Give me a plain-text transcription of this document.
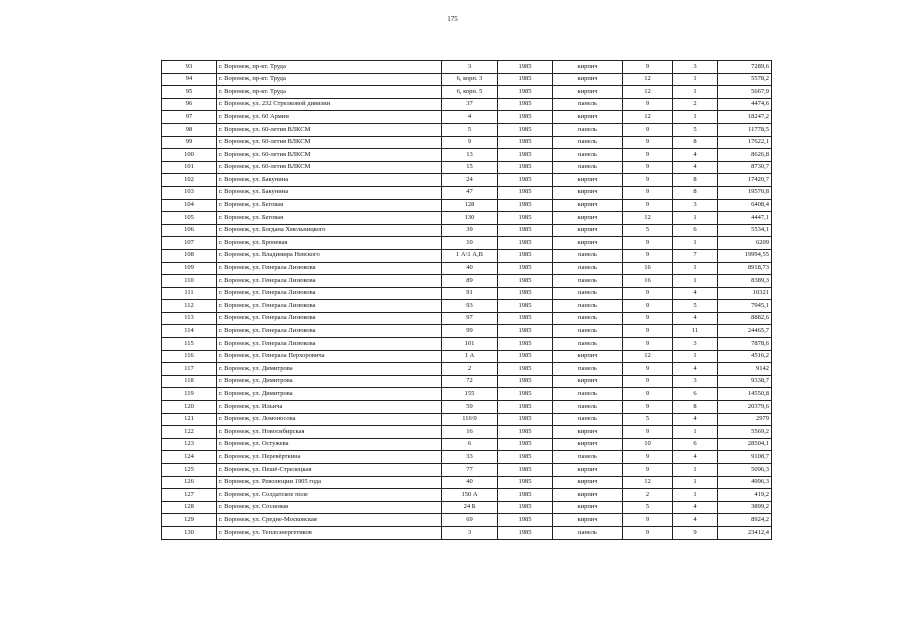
175
93	г. Воронеж, пр-кт. Труда	3	1985	кирпич	9	3	7289,6
94	г. Воронеж, пр-кт. Труда	6, корп. 3	1985	кирпич	12	1	5578,2
95	г. Воронеж, пр-кт. Труда	6, корп. 5	1985	кирпич	12	1	5667,9
96	г. Воронеж, ул. 232 Стрелковой дивизии	37	1985	панель	9	2	4474,6
97	г. Воронеж, ул. 60 Армии	4	1985	кирпич	12	1	18247,2
98	г. Воронеж, ул. 60-летия ВЛКСМ	5	1985	панель	9	5	11778,5
99	г. Воронеж, ул. 60-летия ВЛКСМ	9	1985	панель	9	8	17622,1
100	г. Воронеж, ул. 60-летия ВЛКСМ	13	1985	панель	9	4	8626,8
101	г. Воронеж, ул. 60-летия ВЛКСМ	15	1985	панель	9	4	8730,7
102	г. Воронеж, ул. Бакунина	24	1985	кирпич	9	8	17420,7
103	г. Воронеж, ул. Бакунина	47	1985	кирпич	9	8	19570,8
104	г. Воронеж, ул. Беговая	128	1985	кирпич	9	3	6408,4
105	г. Воронеж, ул. Беговая	130	1985	кирпич	12	1	4447,1
106	г. Воронеж, ул. Богдана Хмельницкого	39	1985	кирпич	5	6	5534,1
107	г. Воронеж, ул. Броневая	10	1985	кирпич	9	1	6209
108	г. Воронеж, ул. Владимира Невского	1 А\1 А,В	1985	панель	9	7	19994,55
109	г. Воронеж, ул. Генерала Лизюкова	40	1985	панель	16	1	8918,73
110	г. Воронеж, ул. Генерала Лизюкова	89	1985	панель	16	1	8389,3
111	г. Воронеж, ул. Генерала Лизюкова	91	1985	панель	9	4	10321
112	г. Воронеж, ул. Генерала Лизюкова	93	1985	панель	9	5	7945,1
113	г. Воронеж, ул. Генерала Лизюкова	97	1985	панель	9	4	8882,6
114	г. Воронеж, ул. Генерала Лизюкова	99	1985	панель	9	11	24465,7
115	г. Воронеж, ул. Генерала Лизюкова	101	1985	панель	9	3	7878,6
116	г. Воронеж, ул. Генерала Перхоровича	1 А	1985	кирпич	12	1	4516,2
117	г. Воронеж, ул. Димитрова	2	1985	панель	9	4	9142
118	г. Воронеж, ул. Димитрова	72	1985	кирпич	9	3	9338,7
119	г. Воронеж, ул. Димитрова	155	1985	панель	9	6	14550,8
120	г. Воронеж, ул. Ильича	59	1985	панель	9	8	20379,6
121	г. Воронеж, ул. Ломоносова	116\9	1985	панель	5	4	2979
122	г. Воронеж, ул. Новосибирская	16	1985	кирпич	9	1	5569,2
123	г. Воронеж, ул. Остужева	6	1985	кирпич	10	6	28504,1
124	г. Воронеж, ул. Перевёрткина	33	1985	панель	9	4	9108,7
125	г. Воронеж, ул. Пешё-Стрелецкая	77	1985	кирпич	9	1	5096,3
126	г. Воронеж, ул. Революции 1905 года	40	1985	кирпич	12	1	4996,3
127	г. Воронеж, ул. Солдатское поле	150 А	1985	кирпич	2	1	419,2
128	г. Воронеж, ул. Сосновая	24 Б	1985	кирпич	5	4	3899,2
129	г. Воронеж, ул. Средне-Московская	69	1985	кирпич	9	4	8924,2
130	г. Воронеж, ул. Теплоэнергетиков	3	1985	панель	9	9	23412,4
